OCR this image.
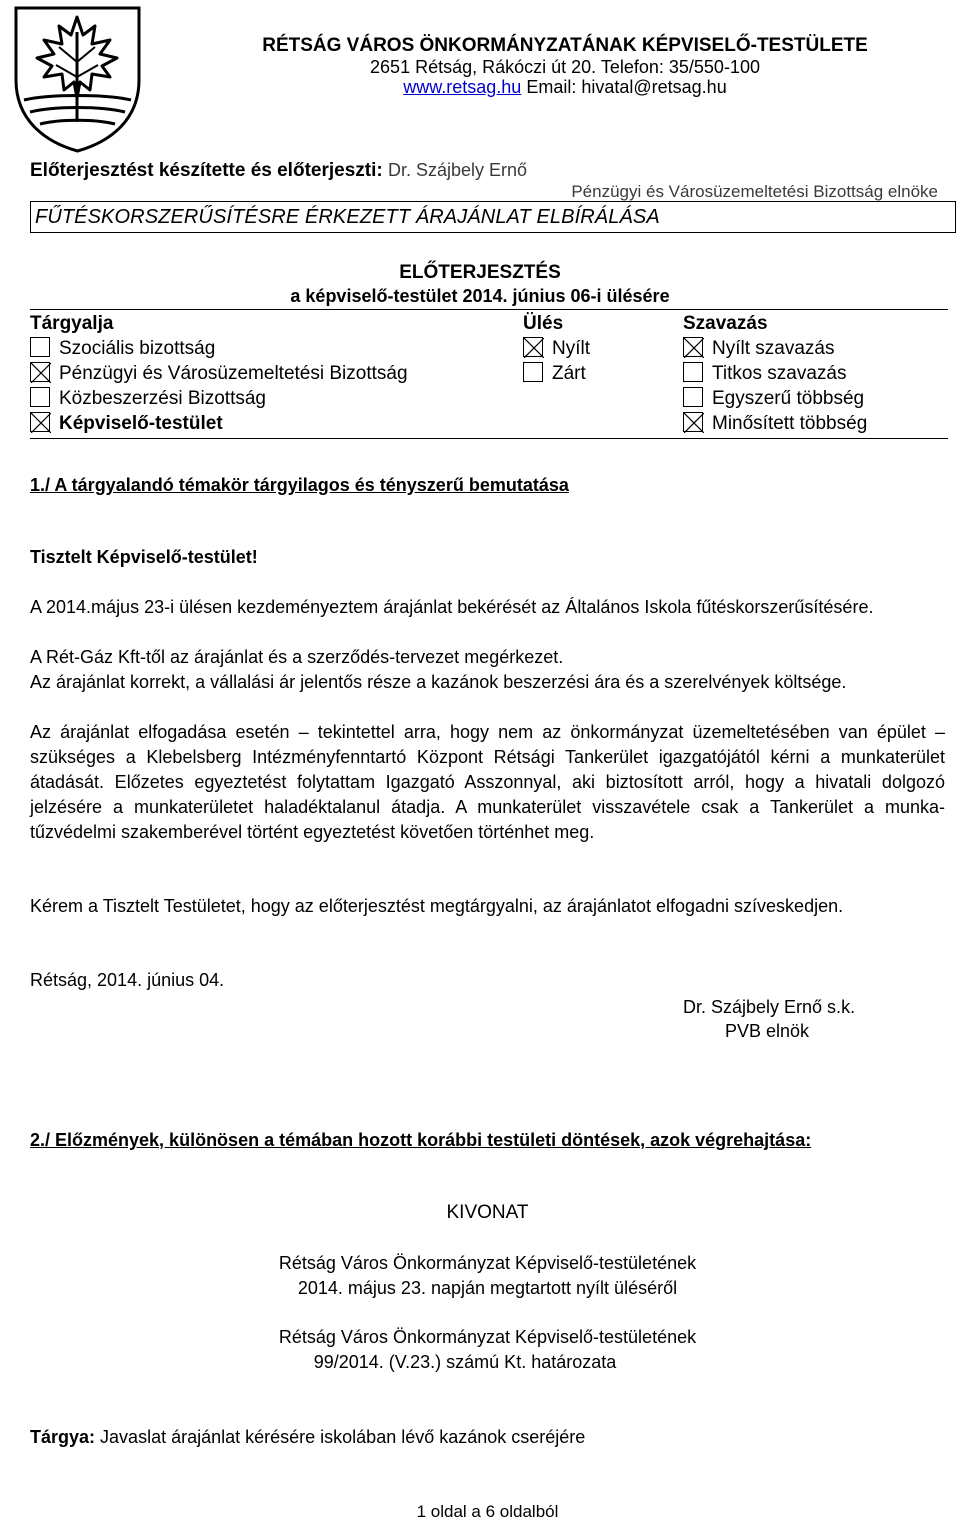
RÉTSÁG VÁROS ÖNKORMÁNYZATÁNAK KÉPVISELŐ-TESTÜLETE
2651 Rétság, Rákóczi út 20. Telefon: 35/550-100
www.retsag.hu Email: hivatal@retsag.hu
Előterjesztést készítette és előterjeszti: Dr. Szájbely Ernő
Pénzügyi és Városüzemeltetési Bizottság elnöke
FŰTÉSKORSZERŰSÍTÉSRE ÉRKEZETT ÁRAJÁNLAT ELBÍRÁLÁSA
ELŐTERJESZTÉS
a képviselő-testület 2014. június 06-i ülésére
Tárgyalja	Ülés	Szavazás
Szociális bizottság
Pénzügyi és Városüzemeltetési Bizottság
Közbeszerzési Bizottság
Képviselő-testület
Nyílt
Zárt
Nyílt szavazás
Titkos szavazás
Egyszerű többség
Minősített többség
1./ A tárgyalandó témakör tárgyilagos és tényszerű bemutatása
Tisztelt Képviselő-testület!
A 2014.május 23-i ülésen kezdeményeztem árajánlat bekérését az Általános Iskola fűtéskorszerűsítésére.
A Rét-Gáz Kft-től az árajánlat és a szerződés-tervezet megérkezet.
Az árajánlat korrekt, a vállalási ár jelentős része a kazánok beszerzési ára és a szerelvények költsége.
Az árajánlat elfogadása esetén – tekintettel arra, hogy nem az önkormányzat üzemeltetésében van épület – szükséges a Klebelsberg Intézményfenntartó Központ Rétsági Tankerület igazgatójától kérni a munkaterület átadását. Előzetes egyeztetést folytattam Igazgató Asszonnyal, aki biztosított arról, hogy a hivatali dolgozó jelzésére a munkaterületet haladéktalanul átadja. A munkaterület visszavétele csak a Tankerület a munka-tűzvédelmi szakemberével történt egyeztetést követően történhet meg.
Kérem a Tisztelt Testületet, hogy az előterjesztést megtárgyalni, az árajánlatot elfogadni szíveskedjen.
Rétság, 2014. június 04.
Dr. Szájbely Ernő s.k.
PVB elnök
2./ Előzmények, különösen a témában hozott korábbi testületi döntések, azok végrehajtása:
KIVONAT
Rétság Város Önkormányzat Képviselő-testületének
2014. május 23. napján megtartott nyílt üléséről
Rétság Város Önkormányzat Képviselő-testületének
99/2014. (V.23.) számú Kt. határozata
Tárgya: Javaslat árajánlat kérésére iskolában lévő kazánok cseréjére
1 oldal a 6 oldalból
